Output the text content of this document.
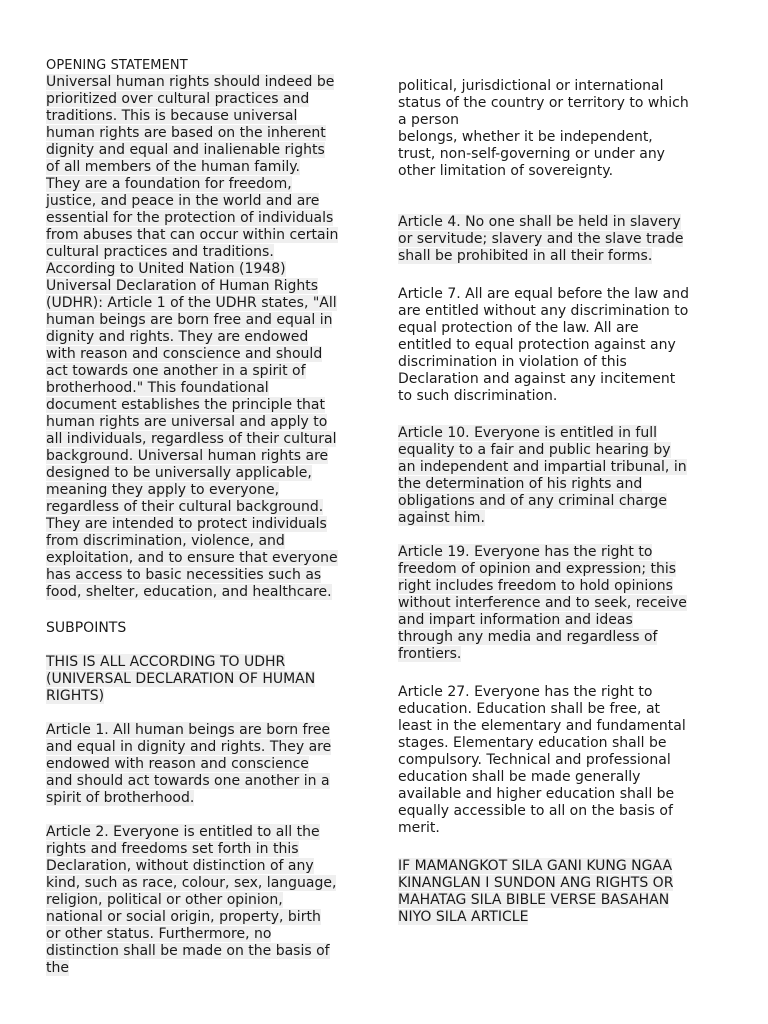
OPENING STATEMENT

Universal human rights should indeed be
prioritized over cultural practices and
traditions. This is because universal
human rights are based on the inherent
dignity and equal and inalienable rights
of all members of the human family.
They are a foundation for freedom,
justice, and peace in the world and are
essential for the protection of individuals
from abuses that can occur within certain
cultural practices and traditions.
According to United Nation (1948)
Universal Declaration of Human Rights
(UDHR): Article 1 of the UDHR states, "All
human beings are born free and equal in
dignity and rights. They are endowed
with reason and conscience and should
act towards one another in a spirit of
brotherhood." This foundational
document establishes the principle that
human rights are universal and apply to
all individuals, regardless of their cultural
background. Universal human rights are
designed to be universally applicable,
meaning they apply to everyone,
regardless of their cultural background.
They are intended to protect individuals
from discrimination, violence, and
exploitation, and to ensure that everyone
has access to basic necessities such as
food, shelter, education, and healthcare.
SUBPOINTS
THIS IS ALL ACCORDING TO UDHR
(UNIVERSAL DECLARATION OF HUMAN
RIGHTS)
Article 1. All human beings are born free
and equal in dignity and rights. They are
endowed with reason and conscience
and should act towards one another in a
spirit of brotherhood.
Article 2. Everyone is entitled to all the
rights and freedoms set forth in this
Declaration, without distinction of any
kind, such as race, colour, sex, language,
religion, political or other opinion,
national or social origin, property, birth
or other status. Furthermore, no
distinction shall be made on the basis of
the
political, jurisdictional or international
status of the country or territory to which
a person
belongs, whether it be independent,
trust, non-self-governing or under any
other limitation of sovereignty.
Article 4. No one shall be held in slavery
or servitude; slavery and the slave trade
shall be prohibited in all their forms.
Article 7. All are equal before the law and
are entitled without any discrimination to
equal protection of the law. All are
entitled to equal protection against any
discrimination in violation of this
Declaration and against any incitement
to such discrimination.
Article 10. Everyone is entitled in full
equality to a fair and public hearing by
an independent and impartial tribunal, in
the determination of his rights and
obligations and of any criminal charge
against him.
Article 19. Everyone has the right to
freedom of opinion and expression; this
right includes freedom to hold opinions
without interference and to seek, receive
and impart information and ideas
through any media and regardless of
frontiers.
Article 27. Everyone has the right to
education. Education shall be free, at
least in the elementary and fundamental
stages. Elementary education shall be
compulsory. Technical and professional
education shall be made generally
available and higher education shall be
equally accessible to all on the basis of
merit.
IF MAMANGKOT SILA GANI KUNG NGAA
KINANGLAN I SUNDON ANG RIGHTS OR
MAHATAG SILA BIBLE VERSE BASAHAN
NIYO SILA ARTICLE
